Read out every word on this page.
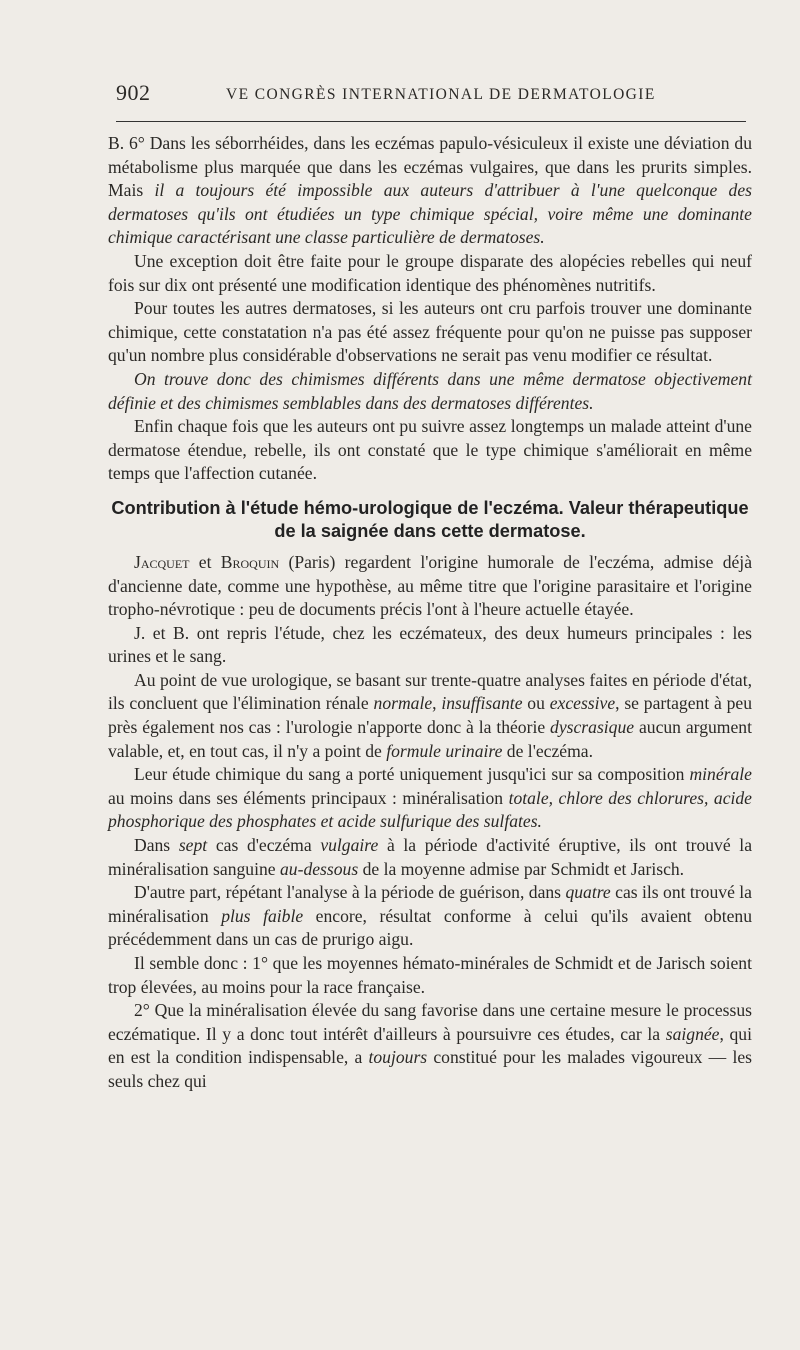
902	VE CONGRÈS INTERNATIONAL DE DERMATOLOGIE

B. 6° Dans les séborrhéides, dans les eczémas papulo-vésiculeux il existe une déviation du métabolisme plus marquée que dans les eczémas vulgaires, que dans les prurits simples. Mais il a toujours été impossible aux auteurs d'attribuer à l'une quelconque des dermatoses qu'ils ont étudiées un type chimique spécial, voire même une dominante chimique caractérisant une classe particulière de dermatoses.

Une exception doit être faite pour le groupe disparate des alopécies rebelles qui neuf fois sur dix ont présenté une modification identique des phénomènes nutritifs.

Pour toutes les autres dermatoses, si les auteurs ont cru parfois trouver une dominante chimique, cette constatation n'a pas été assez fréquente pour qu'on ne puisse pas supposer qu'un nombre plus considérable d'observations ne serait pas venu modifier ce résultat.

On trouve donc des chimismes différents dans une même dermatose objectivement définie et des chimismes semblables dans des dermatoses différentes.

Enfin chaque fois que les auteurs ont pu suivre assez longtemps un malade atteint d'une dermatose étendue, rebelle, ils ont constaté que le type chimique s'améliorait en même temps que l'affection cutanée.

Contribution à l'étude hémo-urologique de l'eczéma. Valeur thérapeutique de la saignée dans cette dermatose.

Jacquet et Broquin (Paris) regardent l'origine humorale de l'eczéma, admise déjà d'ancienne date, comme une hypothèse, au même titre que l'origine parasitaire et l'origine tropho-névrotique : peu de documents précis l'ont à l'heure actuelle étayée.

J. et B. ont repris l'étude, chez les eczémateux, des deux humeurs principales : les urines et le sang.

Au point de vue urologique, se basant sur trente-quatre analyses faites en période d'état, ils concluent que l'élimination rénale normale, insuffisante ou excessive, se partagent à peu près également nos cas : l'urologie n'apporte donc à la théorie dyscrasique aucun argument valable, et, en tout cas, il n'y a point de formule urinaire de l'eczéma.

Leur étude chimique du sang a porté uniquement jusqu'ici sur sa composition minérale au moins dans ses éléments principaux : minéralisation totale, chlore des chlorures, acide phosphorique des phosphates et acide sulfurique des sulfates.

Dans sept cas d'eczéma vulgaire à la période d'activité éruptive, ils ont trouvé la minéralisation sanguine au-dessous de la moyenne admise par Schmidt et Jarisch.

D'autre part, répétant l'analyse à la période de guérison, dans quatre cas ils ont trouvé la minéralisation plus faible encore, résultat conforme à celui qu'ils avaient obtenu précédemment dans un cas de prurigo aigu.

Il semble donc : 1° que les moyennes hémato-minérales de Schmidt et de Jarisch soient trop élevées, au moins pour la race française.

2° Que la minéralisation élevée du sang favorise dans une certaine mesure le processus eczématique. Il y a donc tout intérêt d'ailleurs à poursuivre ces études, car la saignée, qui en est la condition indispensable, a toujours constitué pour les malades vigoureux — les seuls chez qui
